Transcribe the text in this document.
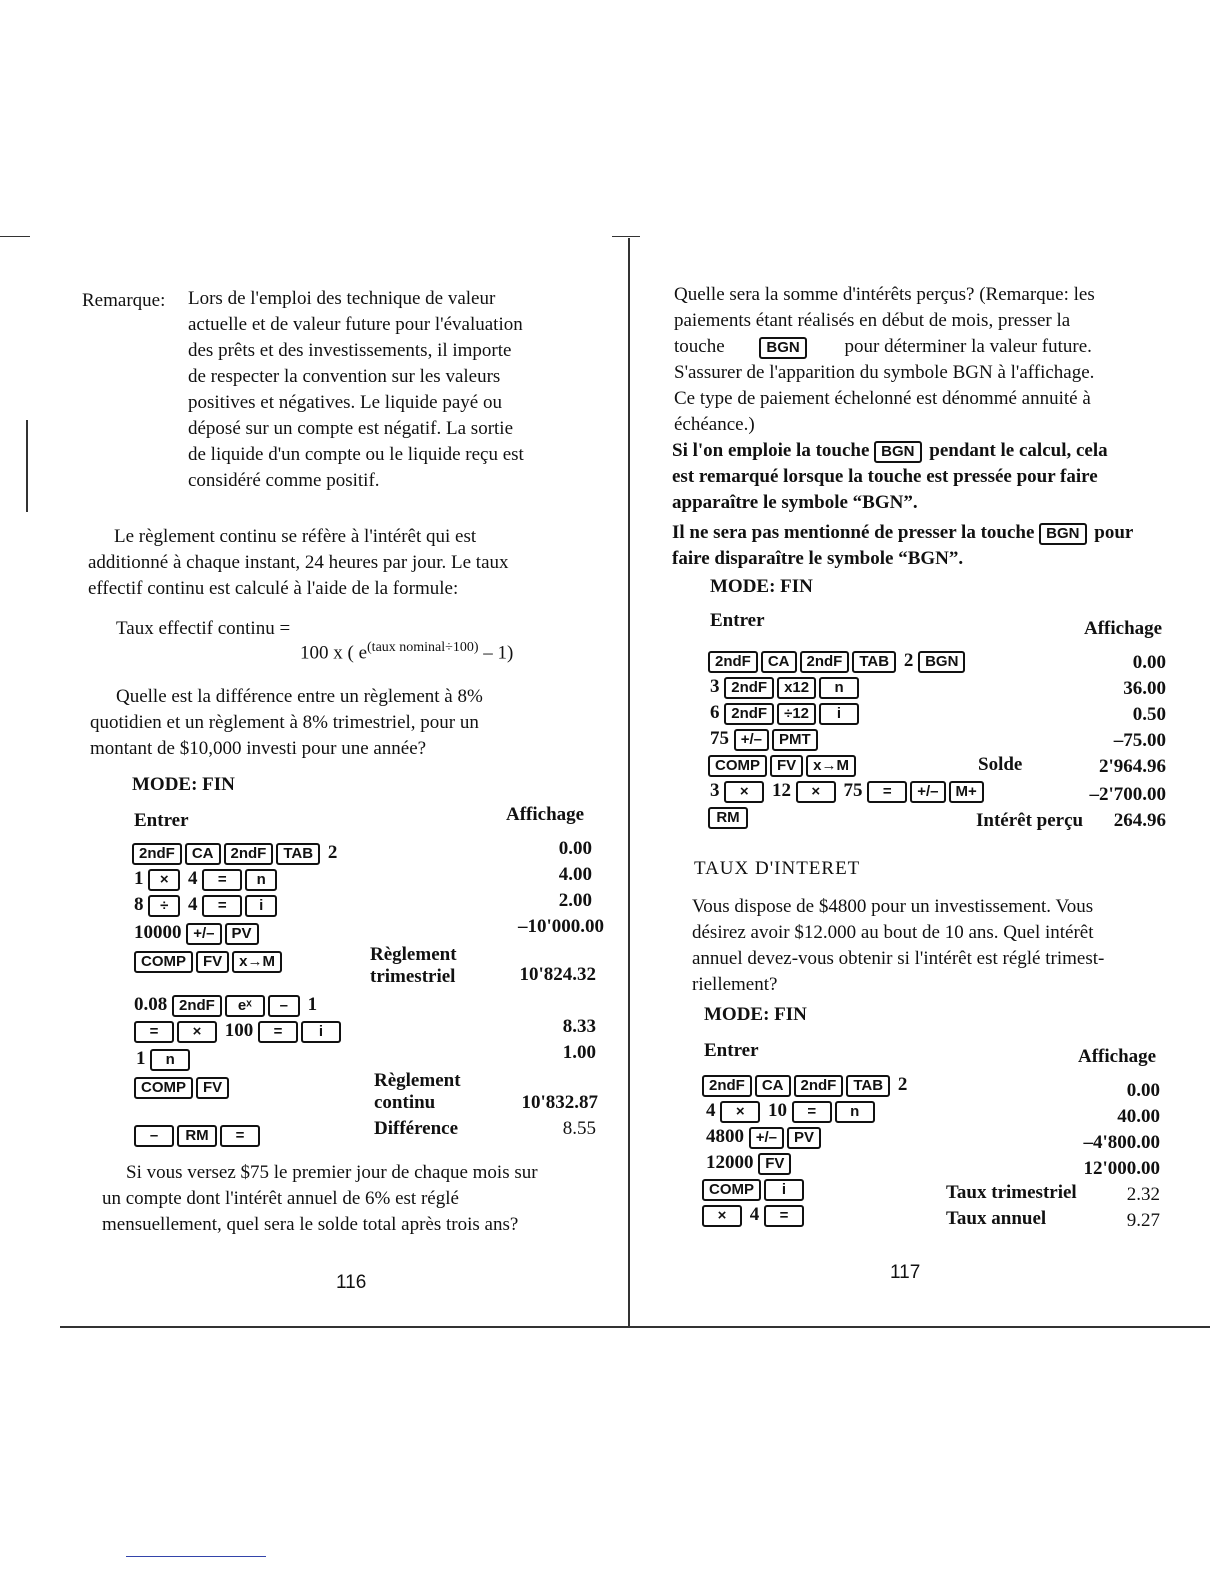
Remarque: Lors de l'emploi des technique de valeur
actuelle et de valeur future pour l'évaluation
des prêts et des investissements, il importe
de respecter la convention sur les valeurs
positives et négatives. Le liquide payé ou
déposé sur un compte est négatif. La sortie
de liquide d'un compte ou le liquide reçu est
considéré comme positif.
Le règlement continu se réfère à l'intérêt qui est
additionné à chaque instant, 24 heures par jour. Le taux
effectif continu est calculé à l'aide de la formule:
Taux effectif continu =
100 x ( $e^{(taux nominal\div 100)} - 1$)
Quelle est la différence entre un règlement à 8%
quotidien et un règlement à 8% trimestriel, pour un
montant de $10,000 investi pour une année?
MODE: FIN
Entrer	Affichage
2ndF CA 2ndF TAB 2	0.00
1 × 4 = n	4.00
8 ÷ 4 = i	2.00
10000 +/– PV	–10'000.00
COMP FV x→M	Règlement trimestriel	10'824.32
0.08 2ndF eˣ – 1
= × 100 = i	8.33
1 n	1.00
COMP FV	Règlement continu	10'832.87
– RM =	Différence	8.55
Si vous versez $75 le premier jour de chaque mois sur
un compte dont l'intérêt annuel de 6% est réglé
mensuellement, quel sera le solde total après trois ans?
116
Quelle sera la somme d'intérêts perçus? (Remarque: les
paiements étant réalisés en début de mois, presser la
touche	BGN pour déterminer la valeur future.
S'assurer de l'apparition du symbole BGN à l'affichage.
Ce type de paiement échelonné est dénommé annuité à
échéance.)
Si l'on emploie la touche BGN pendant le calcul, cela
est remarqué lorsque la touche est pressée pour faire
apparaître le symbole “BGN”.
Il ne sera pas mentionné de presser la touche BGN pour
faire disparaître le symbole “BGN”.
MODE: FIN
Entrer	Affichage
2ndF CA 2ndF TAB 2 BGN	0.00
3 2ndF x12 n	36.00
6 2ndF ÷12 i	0.50
75 +/– PMT	–75.00
COMP FV x→M	Solde	2'964.96
3 × 12 × 75 = +/– M+	–2'700.00
RM	Intérêt perçu 264.96
TAUX D'INTERET
Vous dispose de $4800 pour un investissement. Vous
désirez avoir $12.000 au bout de 10 ans. Quel intérêt
annuel devez-vous obtenir si l'intérêt est réglé trimest-
riellement?
MODE: FIN
Entrer	Affichage
2ndF CA 2ndF TAB 2	0.00
4 × 10 = n	40.00
4800 +/– PV	–4'800.00
12000 FV	12'000.00
COMP i	Taux trimestriel	2.32
× 4 =	Taux annuel	9.27
117
